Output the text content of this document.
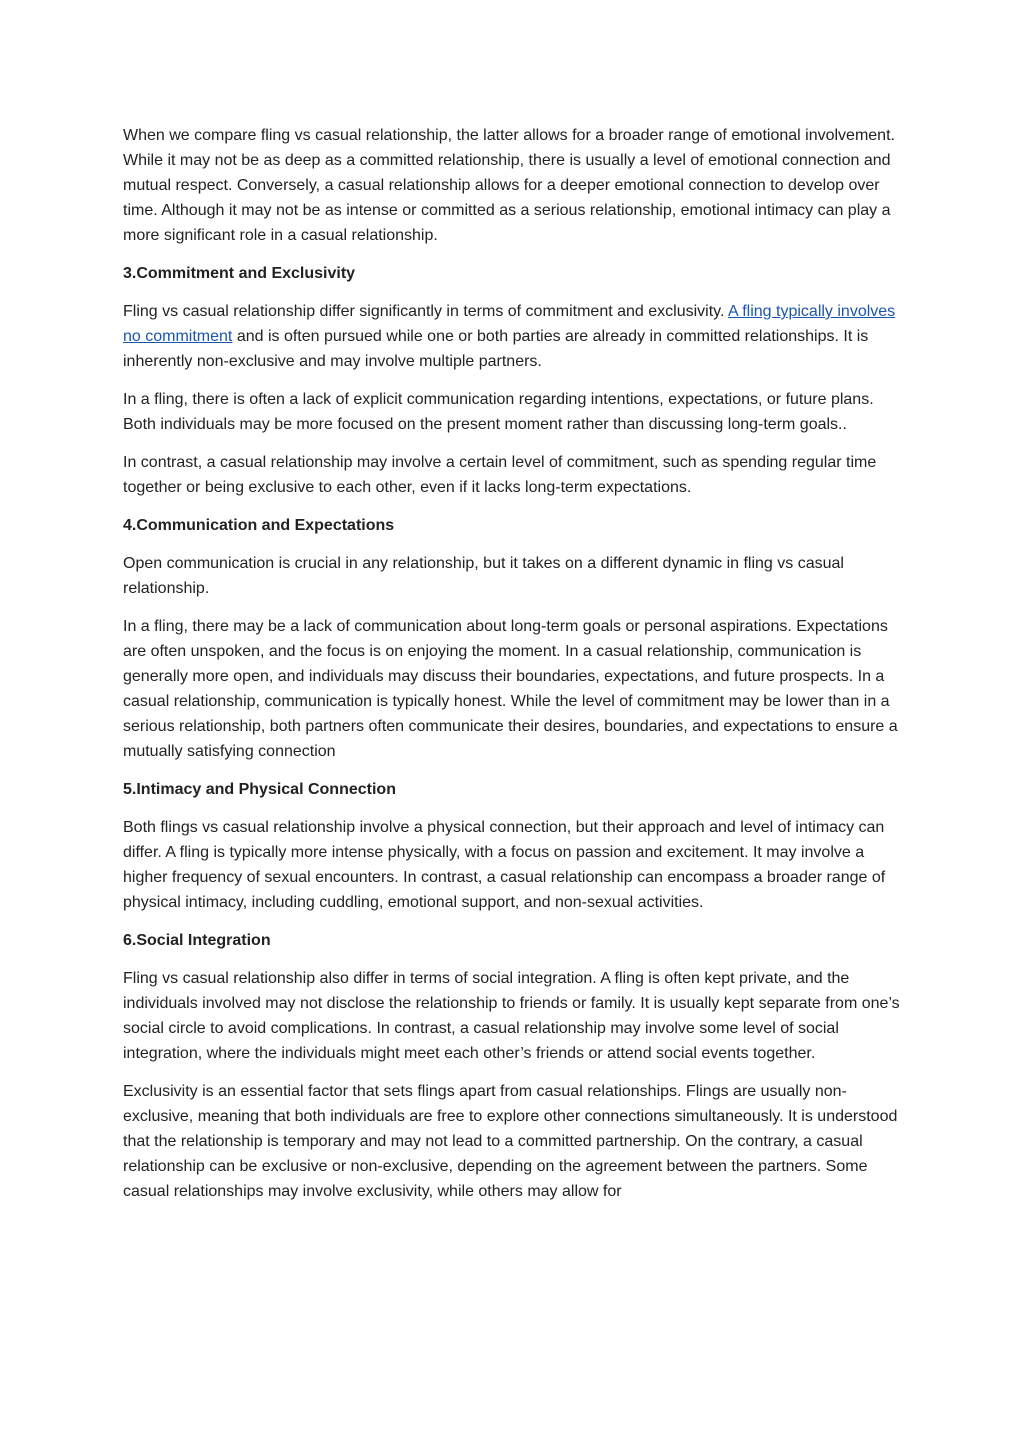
When we compare fling vs casual relationship, the latter allows for a broader range of emotional involvement. While it may not be as deep as a committed relationship, there is usually a level of emotional connection and mutual respect. Conversely, a casual relationship allows for a deeper emotional connection to develop over time. Although it may not be as intense or committed as a serious relationship, emotional intimacy can play a more significant role in a casual relationship.

3.Commitment and Exclusivity

Fling vs casual relationship differ significantly in terms of commitment and exclusivity. A fling typically involves no commitment and is often pursued while one or both parties are already in committed relationships. It is inherently non-exclusive and may involve multiple partners.

In a fling, there is often a lack of explicit communication regarding intentions, expectations, or future plans. Both individuals may be more focused on the present moment rather than discussing long-term goals..

In contrast, a casual relationship may involve a certain level of commitment, such as spending regular time together or being exclusive to each other, even if it lacks long-term expectations.

4.Communication and Expectations

Open communication is crucial in any relationship, but it takes on a different dynamic in fling vs casual relationship.

In a fling, there may be a lack of communication about long-term goals or personal aspirations. Expectations are often unspoken, and the focus is on enjoying the moment. In a casual relationship, communication is generally more open, and individuals may discuss their boundaries, expectations, and future prospects. In a casual relationship, communication is typically honest. While the level of commitment may be lower than in a serious relationship, both partners often communicate their desires, boundaries, and expectations to ensure a mutually satisfying connection

5.Intimacy and Physical Connection

Both flings vs casual relationship involve a physical connection, but their approach and level of intimacy can differ. A fling is typically more intense physically, with a focus on passion and excitement. It may involve a higher frequency of sexual encounters. In contrast, a casual relationship can encompass a broader range of physical intimacy, including cuddling, emotional support, and non-sexual activities.

6.Social Integration

Fling vs casual relationship also differ in terms of social integration. A fling is often kept private, and the individuals involved may not disclose the relationship to friends or family. It is usually kept separate from one’s social circle to avoid complications. In contrast, a casual relationship may involve some level of social integration, where the individuals might meet each other’s friends or attend social events together.

Exclusivity is an essential factor that sets flings apart from casual relationships. Flings are usually non-exclusive, meaning that both individuals are free to explore other connections simultaneously. It is understood that the relationship is temporary and may not lead to a committed partnership. On the contrary, a casual relationship can be exclusive or non-exclusive, depending on the agreement between the partners. Some casual relationships may involve exclusivity, while others may allow for
